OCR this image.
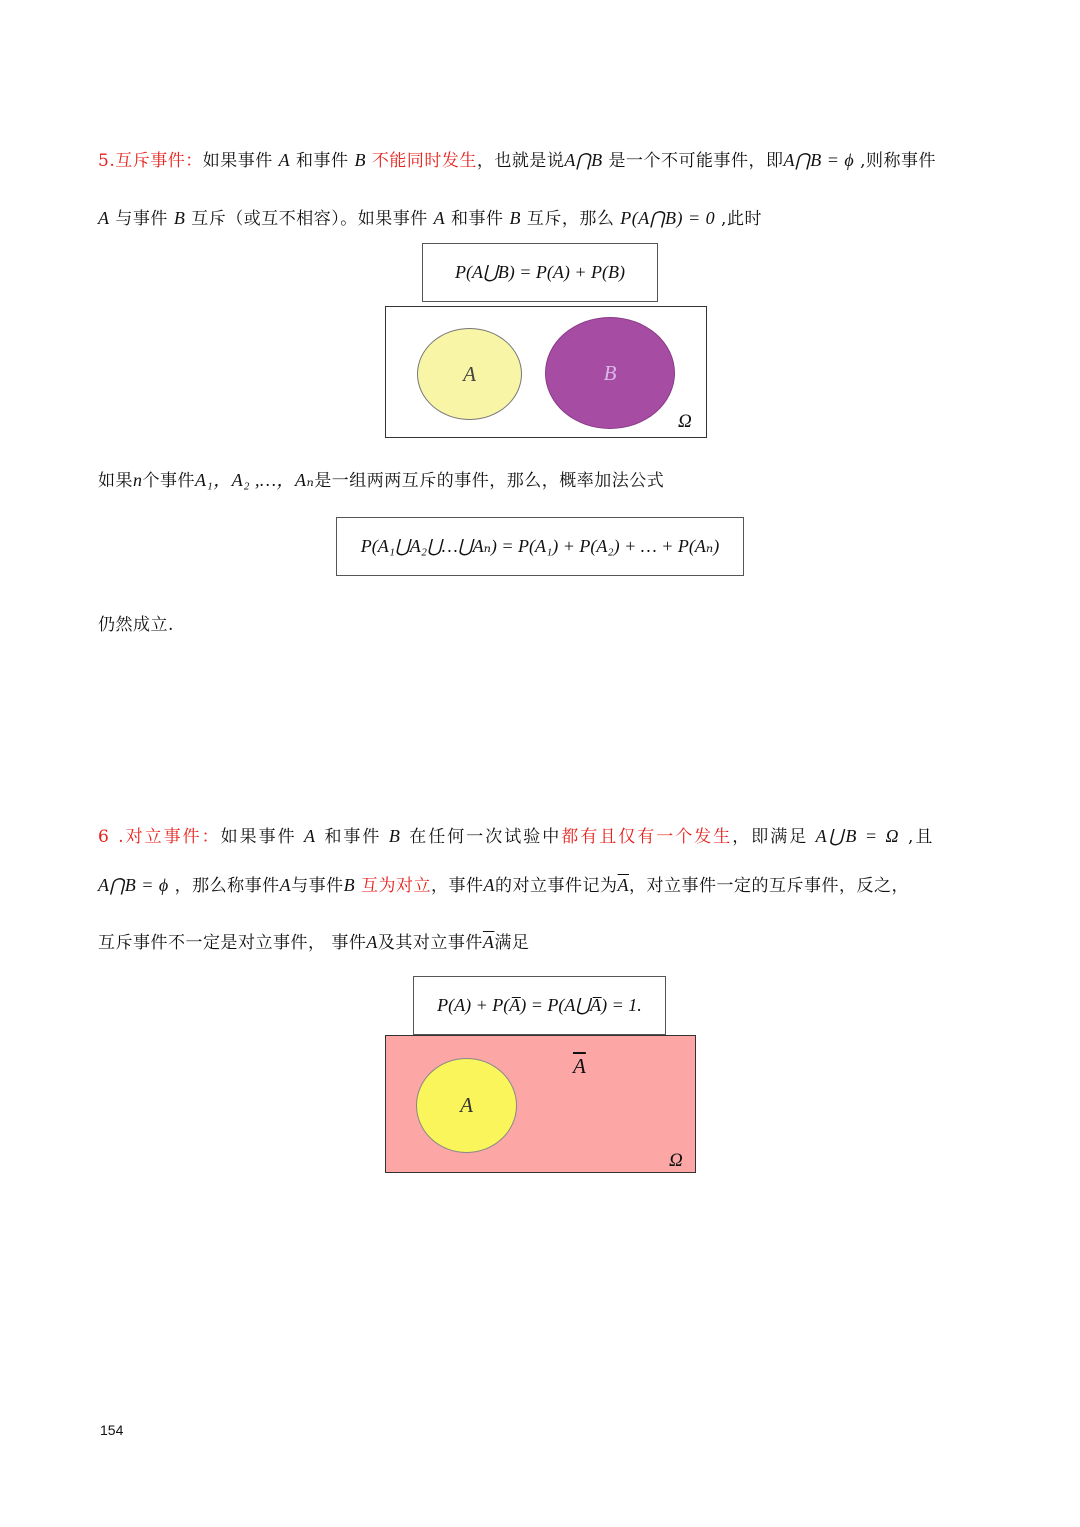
5.互斥事件：如果事件 A 和事件 B 不能同时发生，也就是说A⋂B 是一个不可能事件，即A⋂B = ϕ ,则称事件
A 与事件 B 互斥（或互不相容）。如果事件 A 和事件 B 互斥，那么 P(A⋂B) = 0 ,此时
P(A⋃B) = P(A) + P(B)
A	B
Ω
如果n个事件A₁，A₂ ,…，Aₙ是一组两两互斥的事件，那么，概率加法公式
P(A₁⋃A₂⋃…⋃Aₙ) = P(A₁) + P(A₂) + … + P(Aₙ)
仍然成立.
6 .对立事件：如果事件 A 和事件 B 在任何一次试验中都有且仅有一个发生，即满足 A⋃B = Ω ,且
A⋂B = ϕ ，那么称事件A与事件B 互为对立，事件A的对立事件记为$\overline{A}$，对立事件一定的互斥事件，反之，
互斥事件不一定是对立事件， 事件A及其对立事件$\overline{A}$满足
P(A) + P(A̅) = P(A⋃A̅) = 1.
A
$\overline{A}$
Ω
154
